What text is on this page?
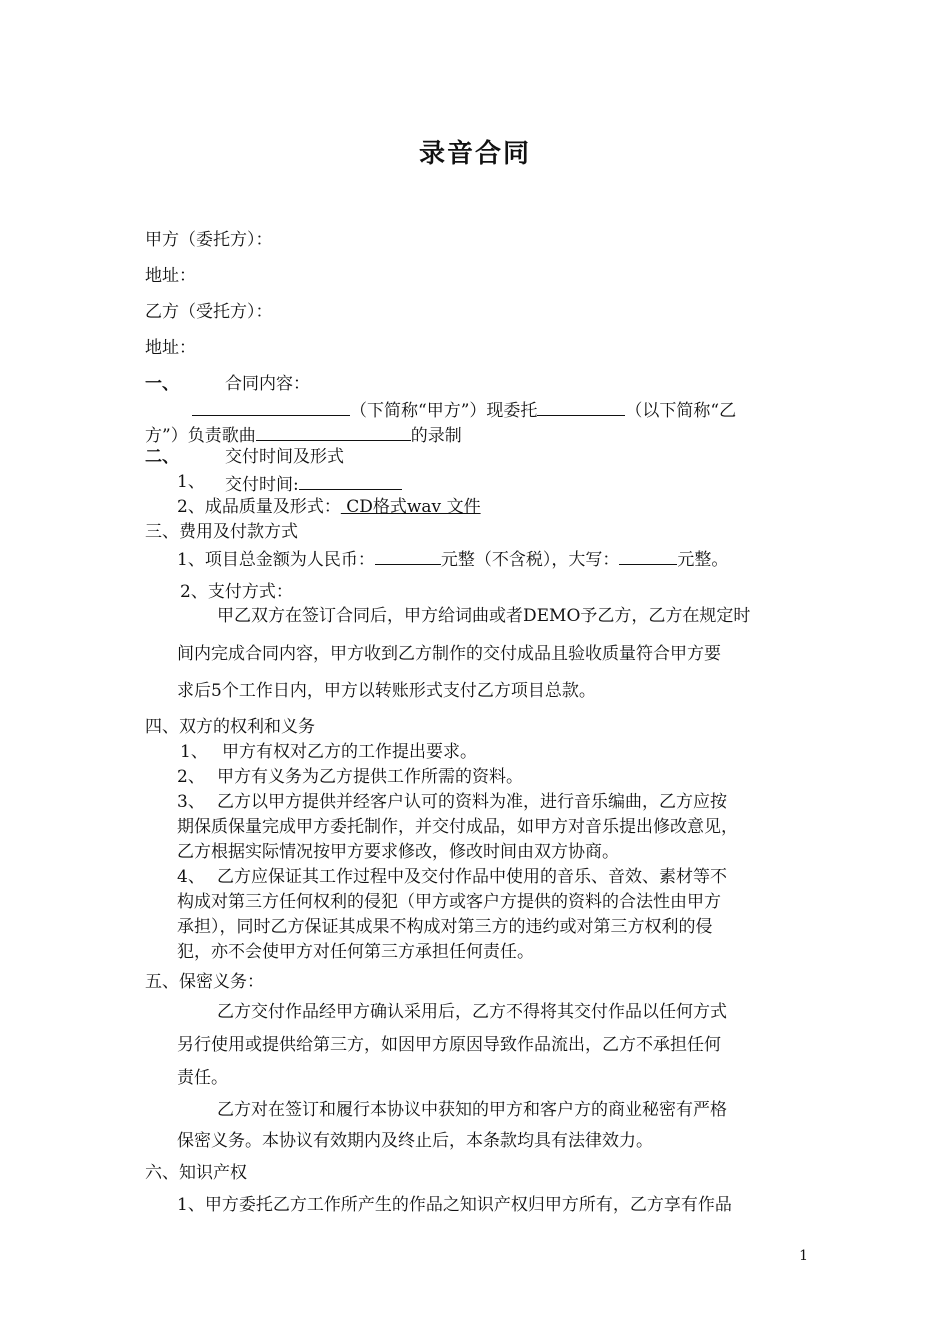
录音合同
甲方（委托方）：
地址：
乙方（受托方）：
地址：
一、	合同内容：
（下简称“甲方”）现委托	（以下简称“乙
方”）负责歌曲	的录制
二、	交付时间及形式
1、 交付时间:
2、成品质量及形式： CD格式wav 文件
三、费用及付款方式
1、项目总金额为人民币：	元整（不含税），大写：	元整。
2、支付方式：
甲乙双方在签订合同后，甲方给词曲或者DEMO予乙方，乙方在规定时
间内完成合同内容，甲方收到乙方制作的交付成品且验收质量符合甲方要
求后5个工作日内，甲方以转账形式支付乙方项目总款。
四、双方的权利和义务
1、 甲方有权对乙方的工作提出要求。
2、 甲方有义务为乙方提供工作所需的资料。
3、 乙方以甲方提供并经客户认可的资料为准，进行音乐编曲，乙方应按
期保质保量完成甲方委托制作，并交付成品，如甲方对音乐提出修改意见，
乙方根据实际情况按甲方要求修改，修改时间由双方协商。
4、 乙方应保证其工作过程中及交付作品中使用的音乐、音效、素材等不
构成对第三方任何权利的侵犯（甲方或客户方提供的资料的合法性由甲方
承担），同时乙方保证其成果不构成对第三方的违约或对第三方权利的侵
犯，亦不会使甲方对任何第三方承担任何责任。
五、保密义务：
乙方交付作品经甲方确认采用后，乙方不得将其交付作品以任何方式
另行使用或提供给第三方，如因甲方原因导致作品流出，乙方不承担任何
责任。
乙方对在签订和履行本协议中获知的甲方和客户方的商业秘密有严格
保密义务。本协议有效期内及终止后，本条款均具有法律效力。
六、知识产权
1、甲方委托乙方工作所产生的作品之知识产权归甲方所有，乙方享有作品
1
